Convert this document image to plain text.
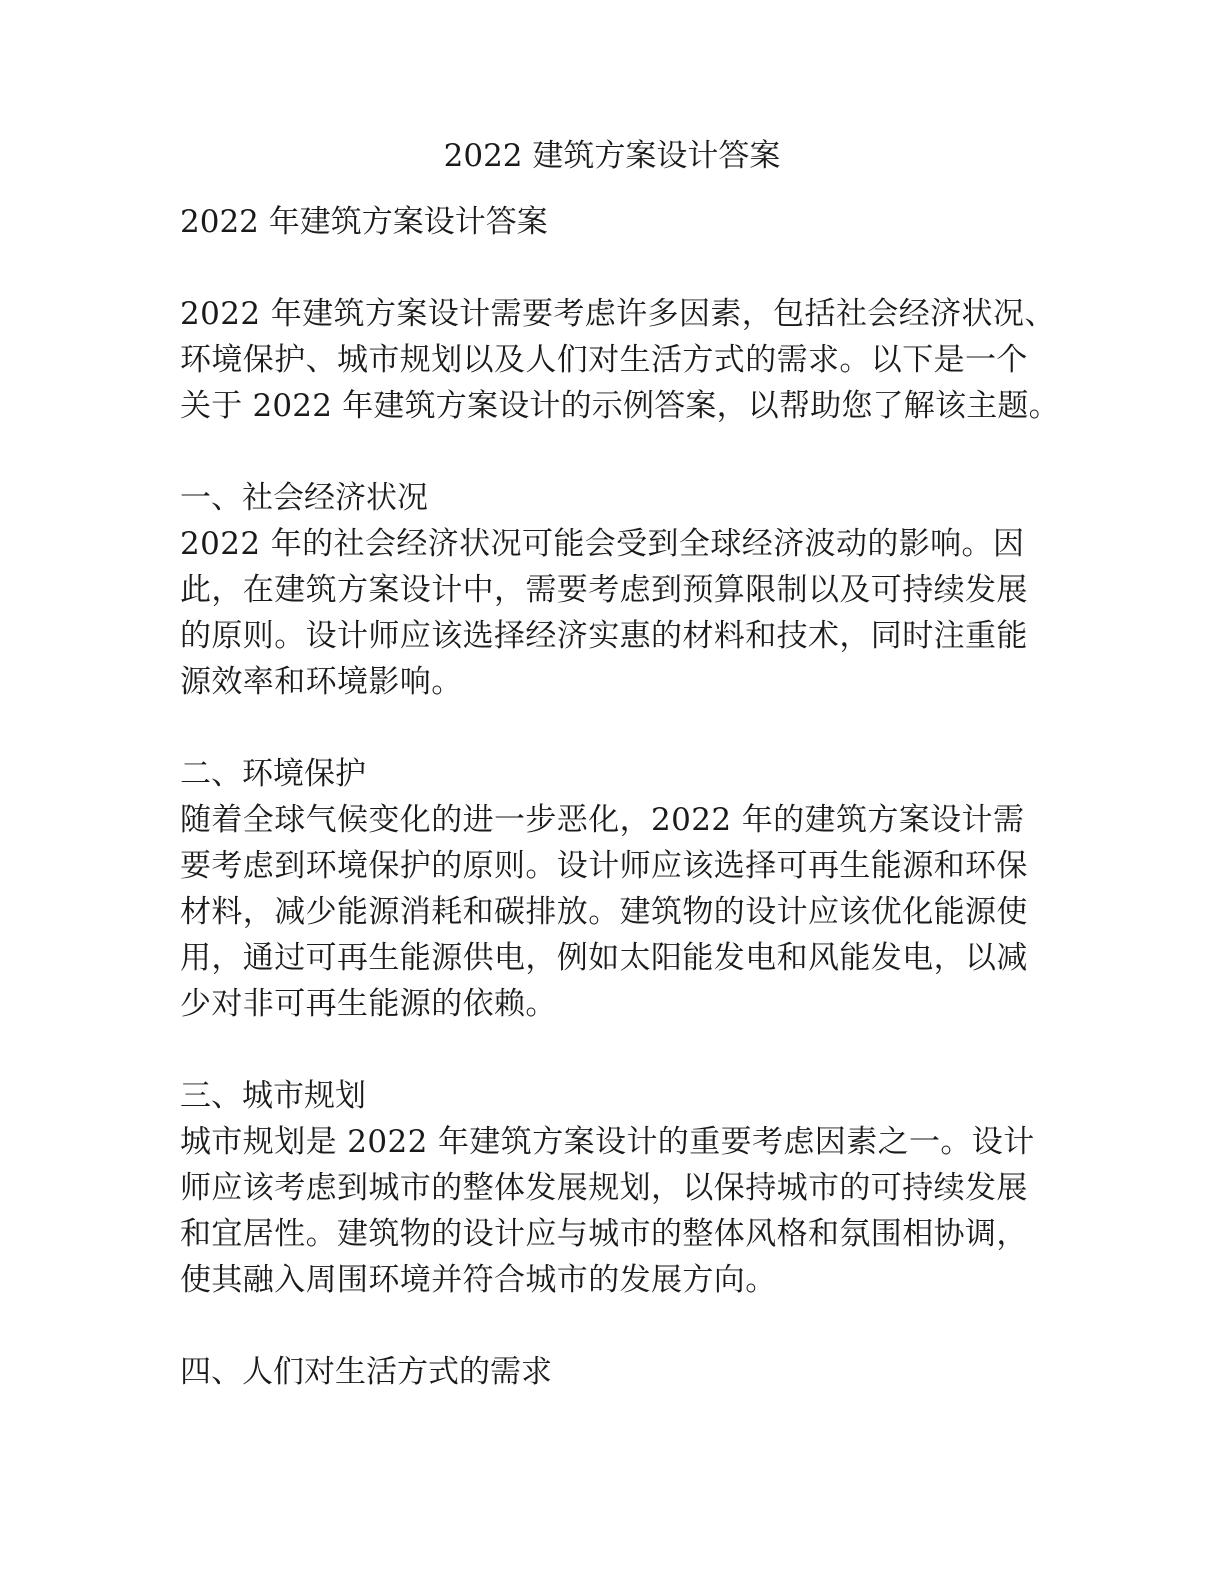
2022 建筑方案设计答案
2022 年建筑方案设计答案
2022 年建筑方案设计需要考虑许多因素，包括社会经济状况、
环境保护、城市规划以及人们对生活方式的需求。以下是一个
关于 2022 年建筑方案设计的示例答案，以帮助您了解该主题。
一、社会经济状况
2022 年的社会经济状况可能会受到全球经济波动的影响。因
此，在建筑方案设计中，需要考虑到预算限制以及可持续发展
的原则。设计师应该选择经济实惠的材料和技术，同时注重能
源效率和环境影响。
二、环境保护
随着全球气候变化的进一步恶化，2022 年的建筑方案设计需
要考虑到环境保护的原则。设计师应该选择可再生能源和环保
材料，减少能源消耗和碳排放。建筑物的设计应该优化能源使
用，通过可再生能源供电，例如太阳能发电和风能发电，以减
少对非可再生能源的依赖。
三、城市规划
城市规划是 2022 年建筑方案设计的重要考虑因素之一。设计
师应该考虑到城市的整体发展规划，以保持城市的可持续发展
和宜居性。建筑物的设计应与城市的整体风格和氛围相协调，
使其融入周围环境并符合城市的发展方向。
四、人们对生活方式的需求
